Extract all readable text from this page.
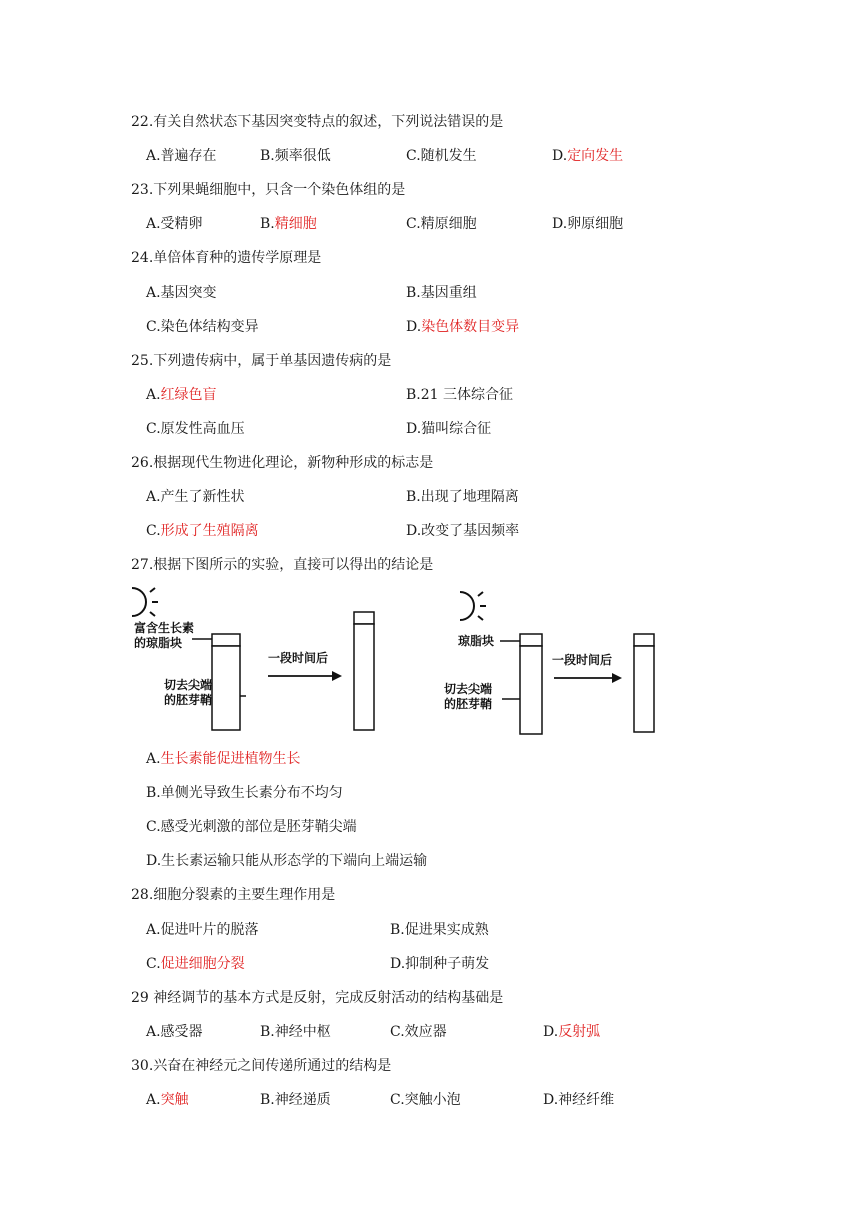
22.有关自然状态下基因突变特点的叙述，下列说法错误的是
A.普遍存在	B.频率很低	C.随机发生	D.定向发生
23.下列果蝇细胞中，只含一个染色体组的是
A.受精卵	B.精细胞	C.精原细胞	D.卵原细胞
24.单倍体育种的遗传学原理是
A.基因突变	B.基因重组
C.染色体结构变异	D.染色体数目变异
25.下列遗传病中，属于单基因遗传病的是
A.红绿色盲	B.21 三体综合征
C.原发性高血压	D.猫叫综合征
26.根据现代生物进化理论，新物种形成的标志是
A.产生了新性状	B.出现了地理隔离
C.形成了生殖隔离	D.改变了基因频率
27.根据下图所示的实验，直接可以得出的结论是
富含生长素
的琼脂块
切去尖端
的胚芽鞘
一段时间后
琼脂块
切去尖端
的胚芽鞘
一段时间后
A.生长素能促进植物生长
B.单侧光导致生长素分布不均匀
C.感受光刺激的部位是胚芽鞘尖端
D.生长素运输只能从形态学的下端向上端运输
28.细胞分裂素的主要生理作用是
A.促进叶片的脱落	B.促进果实成熟
C.促进细胞分裂	D.抑制种子萌发
29 神经调节的基本方式是反射，完成反射活动的结构基础是
A.感受器	B.神经中枢	C.效应器	D.反射弧
30.兴奋在神经元之间传递所通过的结构是
A.突触	B.神经递质	C.突触小泡	D.神经纤维
